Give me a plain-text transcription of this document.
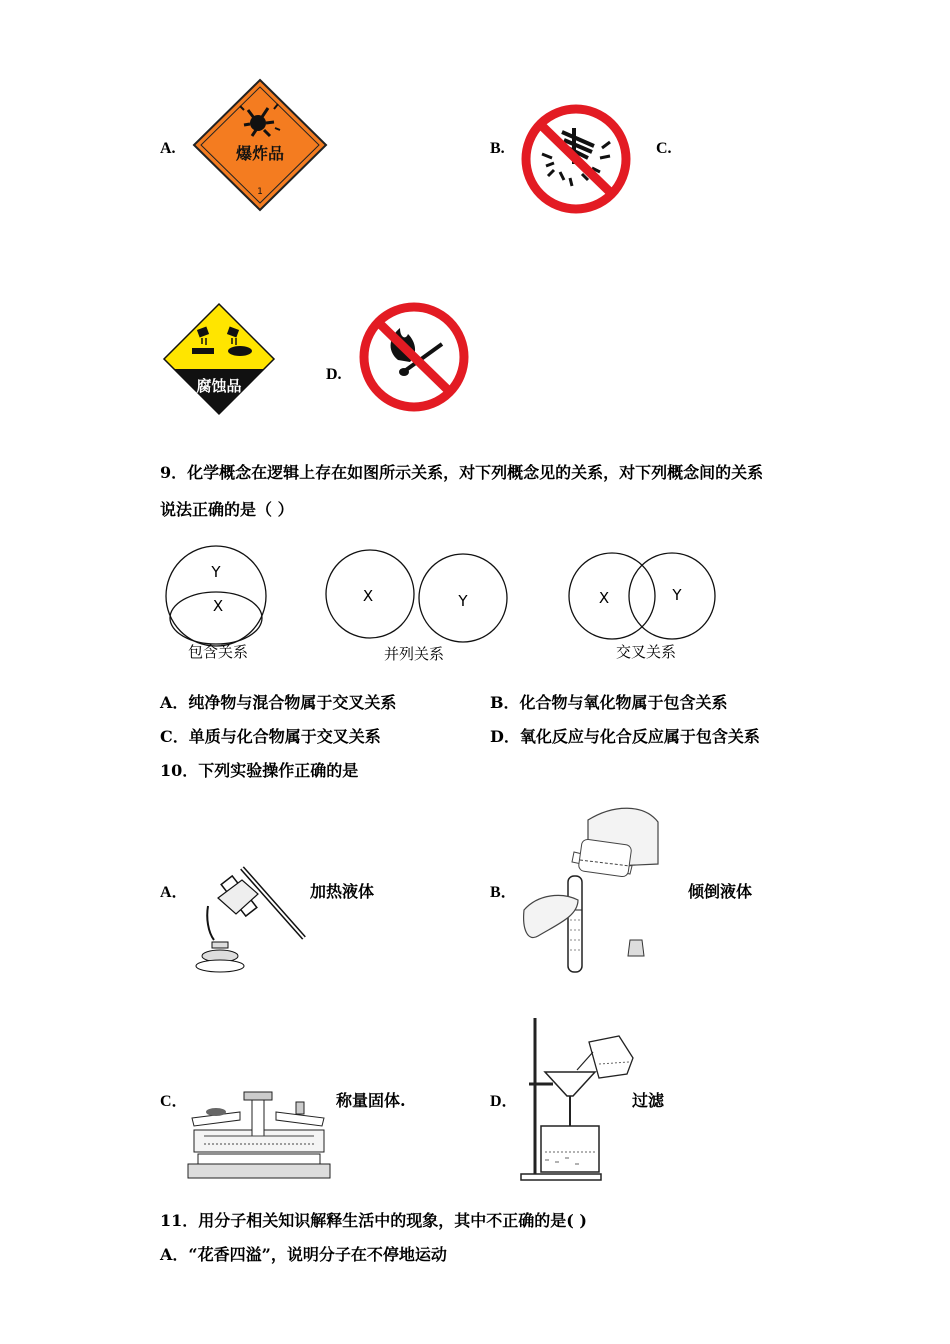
A.	爆炸品
1
B.	C.
腐蚀品
D.
9．化学概念在逻辑上存在如图所示关系，对下列概念见的关系，对下列概念间的关系
说法正确的是（ ）
Y
X
包含关系
X	Y
并列关系
X	Y
交叉关系
A．纯净物与混合物属于交叉关系	B．化合物与氧化物属于包含关系
C．单质与化合物属于交叉关系	D．氧化反应与化合反应属于包含关系
10．下列实验操作正确的是
A．	加热液体	B．	倾倒液体
C．	称量固体.	D．	过滤
11．用分子相关知识解释生活中的现象，其中不正确的是( )
A．“花香四溢”，说明分子在不停地运动
